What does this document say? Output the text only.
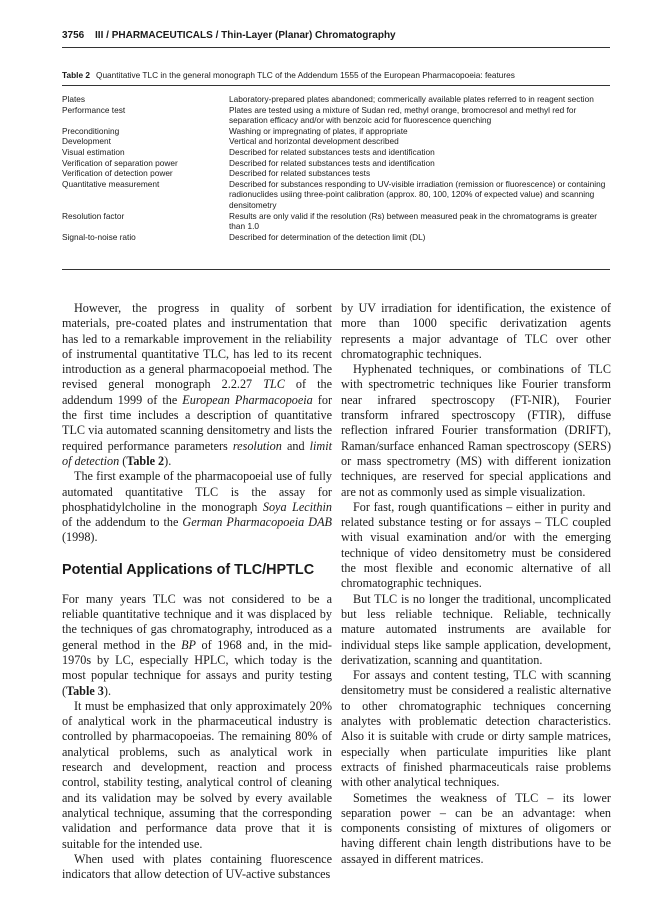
3756 III / PHARMACEUTICALS / Thin-Layer (Planar) Chromatography
Table 2 Quantitative TLC in the general monograph TLC of the Addendum 1555 of the European Pharmacopoeia: features
Plates	Laboratory-prepared plates abandoned; commerically available plates referred to in reagent section
Performance test	Plates are tested using a mixture of Sudan red, methyl orange, bromocresol and methyl red for separation efficacy and/or with benzoic acid for fluorescence quenching
Preconditioning	Washing or impregnating of plates, if appropriate
Development	Vertical and horizontal development described
Visual estimation	Described for related substances tests and identification
Verification of separation power	Described for related substances tests and identification
Verification of detection power	Described for related substances tests
Quantitative measurement	Described for substances responding to UV-visible irradiation (remission or fluorescence) or containing radionuclides usiing three-point calibration (approx. 80, 100, 120% of expected value) and scanning densitometry
Resolution factor	Results are only valid if the resolution (Rs) between measured peak in the chromatograms is greater than 1.0
Signal-to-noise ratio	Described for determination of the detection limit (DL)

However, the progress in quality of sorbent materials, pre-coated plates and instrumentation that has led to a remarkable improvement in the reliability of instrumental quantitative TLC, has led to its recent introduction as a general pharmacopoeial method. The revised general monograph 2.2.27 TLC of the addendum 1999 of the European Pharmacopoeia for the first time includes a description of quantitative TLC via automated scanning densitometry and lists the required performance parameters resolution and limit of detection (Table 2).

The first example of the pharmacopoeial use of fully automated quantitative TLC is the assay for phosphatidylcholine in the monograph Soya Lecithin of the addendum to the German Pharmacopoeia DAB (1998).

Potential Applications of TLC/HPTLC

For many years TLC was not considered to be a reliable quantitative technique and it was displaced by the techniques of gas chromatography, introduced as a general method in the BP of 1968 and, in the mid-1970s by LC, especially HPLC, which today is the most popular technique for assays and purity testing (Table 3).

It must be emphasized that only approximately 20% of analytical work in the pharmaceutical industry is controlled by pharmacopoeias. The remaining 80% of analytical problems, such as analytical work in research and development, reaction and process control, stability testing, analytical control of cleaning and its validation may be solved by every available analytical technique, assuming that the corresponding validation and performance data prove that it is suitable for the intended use.

When used with plates containing fluorescence indicators that allow detection of UV-active substances

by UV irradiation for identification, the existence of more than 1000 specific derivatization agents represents a major advantage of TLC over other chromatographic techniques.

Hyphenated techniques, or combinations of TLC with spectrometric techniques like Fourier transform near infrared spectroscopy (FT-NIR), Fourier transform infrared spectroscopy (FTIR), diffuse reflection infrared Fourier transformation (DRIFT), Raman/surface enhanced Raman spectroscopy (SERS) or mass spectrometry (MS) with different ionization techniques, are reserved for special applications and are not as commonly used as simple visualization.

For fast, rough quantifications – either in purity and related substance testing or for assays – TLC coupled with visual examination and/or with the emerging technique of video densitometry must be considered the most flexible and economic alternative of all chromatographic techniques.

But TLC is no longer the traditional, uncomplicated but less reliable technique. Reliable, technically mature automated instruments are available for individual steps like sample application, development, derivatization, scanning and quantitation.

For assays and content testing, TLC with scanning densitometry must be considered a realistic alternative to other chromatographic techniques concerning analytes with problematic detection characteristics. Also it is suitable with crude or dirty sample matrices, especially when particulate impurities like plant extracts of finished pharmaceuticals raise problems with other analytical techniques.

Sometimes the weakness of TLC – its lower separation power – can be an advantage: when components consisting of mixtures of oligomers or having different chain length distributions have to be assayed in different matrices.
